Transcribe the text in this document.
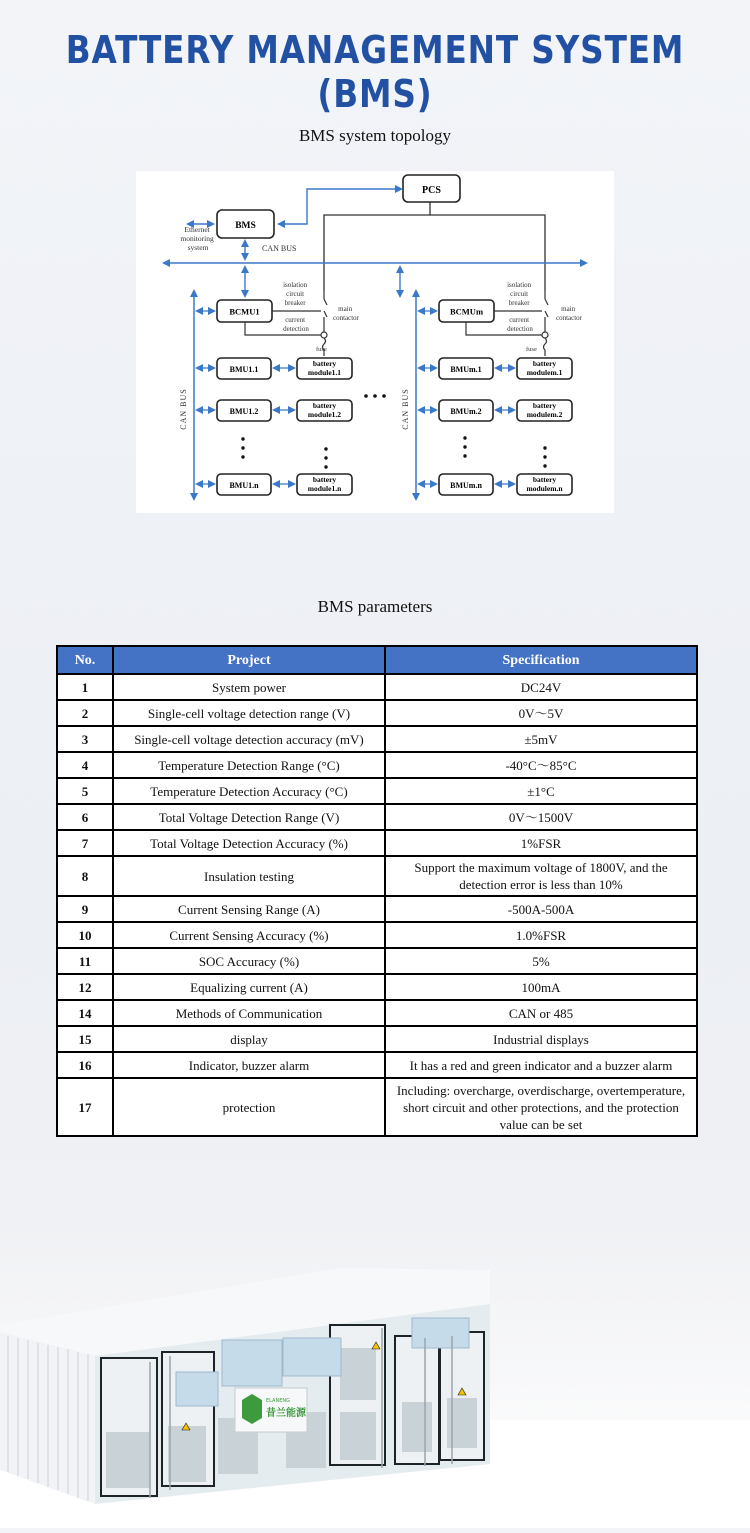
BATTERY MANAGEMENT SYSTEM (BMS)
BMS system topology
PCS
BMS
Ethernet monitoring system	CAN BUS
BCMU1
isolation circuit breaker current detection
main contactor
fuse
BMU1.1
battery module1.1
BMU1.2
battery module1.2
BMU1.n
battery module1.n
CAN BUS
BCMUm
isolation circuit breaker current detection
main contactor
fuse
BMUm.1
battery modulem.1
BMUm.2
battery modulem.2
BMUm.n
battery modulem.n
CAN BUS
BMS parameters
No.	Project	Specification
1	System power	DC24V
2	Single-cell voltage detection range (V)	0V～5V
3	Single-cell voltage detection accuracy (mV)	±5mV
4	Temperature Detection Range (°C)	-40°C～85°C
5	Temperature Detection Accuracy (°C)	±1°C
6	Total Voltage Detection Range (V)	0V～1500V
7	Total Voltage Detection Accuracy (%)	1%FSR
8	Insulation testing	Support the maximum voltage of 1800V, and the detection error is less than 10%
9	Current Sensing Range (A)	-500A-500A
10	Current Sensing Accuracy (%)	1.0%FSR
11	SOC Accuracy (%)	5%
12	Equalizing current (A)	100mA
14	Methods of Communication	CAN or 485
15	display	Industrial displays
16	Indicator, buzzer alarm	It has a red and green indicator and a buzzer alarm
17	protection	Including: overcharge, overdischarge, overtemperature, short circuit and other protections, and the protection value can be set
ELANENG
昔兰能源
